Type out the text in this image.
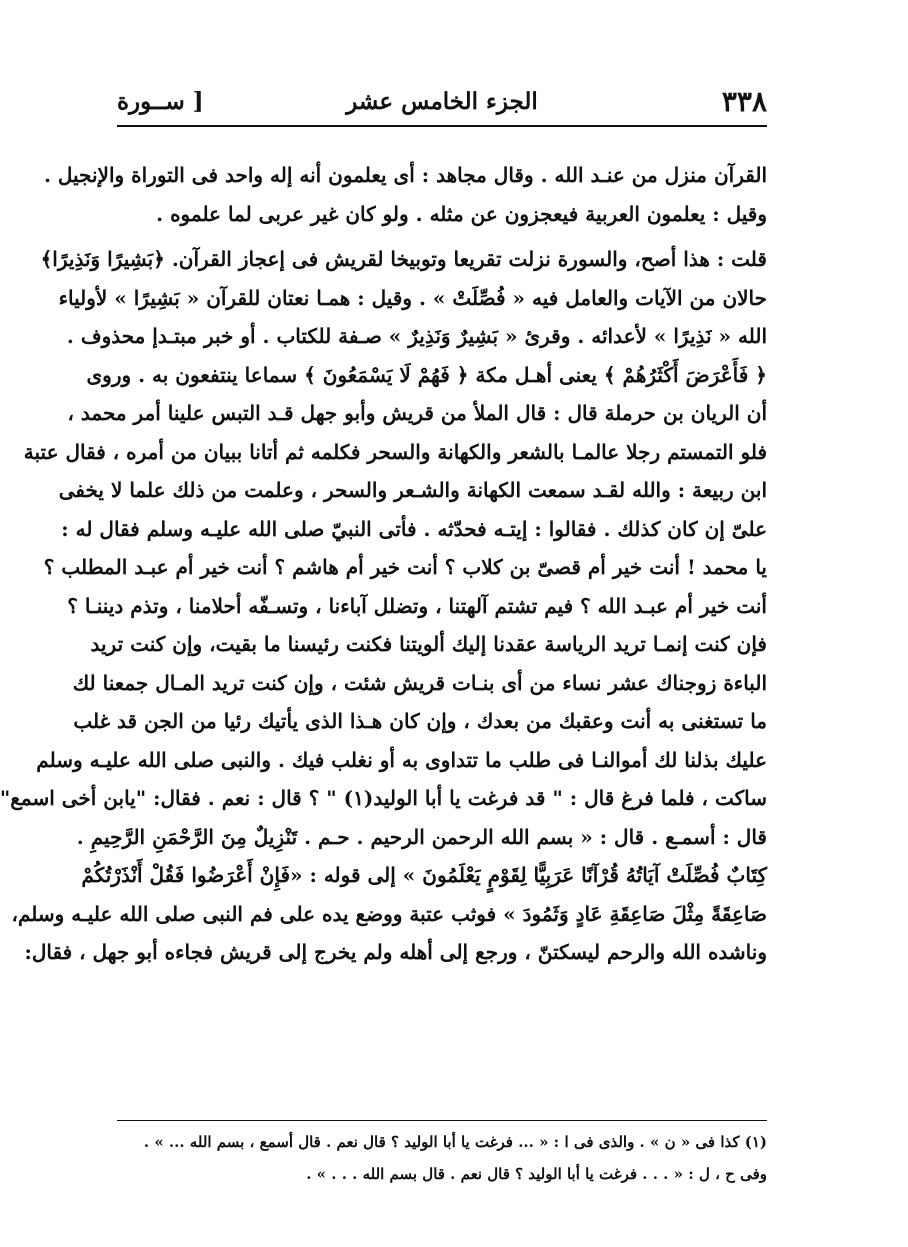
٣٣٨
الجزء الخامس عشر
[ ســورة
القرآن منزل من عنـد الله . وقال مجاهد : أى يعلمون أنه إله واحد فى التوراة والإنجيل .
وقيل : يعلمون العربية فيعجزون عن مثله . ولو كان غير عربى لما علموه .
قلت : هذا أصح، والسورة نزلت تقريعا وتوبيخا لقريش فى إعجاز القرآن. ﴿بَشِيرًا وَنَذِيرًا﴾
حالان من الآيات والعامل فيه « فُصِّلَتْ » . وقيل : همـا نعتان للقرآن « بَشِيرًا » لأولياء
الله « نَذِيرًا » لأعدائه . وقرئ « بَشِيرٌ وَنَذِيرٌ » صـفة للكتاب . أو خبر مبتـدإ محذوف .
﴿ فَأَعْرَضَ أَكْثَرُهُمْ ﴾ يعنى أهـل مكة ﴿ فَهُمْ لَا يَسْمَعُونَ ﴾ سماعا ينتفعون به . وروى
أن الريان بن حرملة قال : قال الملأ من قريش وأبو جهل قـد التبس علينا أمر محمد ،
فلو التمستم رجلا عالمـا بالشعر والكهانة والسحر فكلمه ثم أتانا ببيان من أمره ، فقال عتبة
ابن ربيعة : والله لقـد سمعت الكهانة والشـعر والسحر ، وعلمت من ذلك علما لا يخفى
علىّ إن كان كذلك . فقالوا : إيتـه فحدّثه . فأتى النبيّ صلى الله عليـه وسلم فقال له :
يا محمد ! أنت خير أم قصىّ بن كلاب ؟ أنت خير أم هاشم ؟ أنت خير أم عبـد المطلب ؟
أنت خير أم عبـد الله ؟ فيم تشتم آلهتنا ، وتضلل آباءنا ، وتسـفّه أحلامنا ، وتذم ديننـا ؟
فإن كنت إنمـا تريد الرياسة عقدنا إليك ألويتنا فكنت رئيسنا ما بقيت، وإن كنت تريد
الباءة زوجناك عشر نساء من أى بنـات قريش شئت ، وإن كنت تريد المـال جمعنا لك
ما تستغنى به أنت وعقبك من بعدك ، وإن كان هـذا الذى يأتيك رئيا من الجن قد غلب
عليك بذلنا لك أموالنـا فى طلب ما تتداوى به أو نغلب فيك . والنبى صلى الله عليـه وسلم
ساكت ، فلما فرغ قال : " قد فرغت يا أبا الوليد(١) " ؟ قال : نعم . فقال: "يابن أخى اسمع"
قال : أسمـع . قال : « بسم الله الرحمن الرحيم . حـم . تَنْزِيلٌ مِنَ الرَّحْمَنِ الرَّحِيمِ .
كِتَابٌ فُصِّلَتْ آيَاتُهُ قُرْآنًا عَرَبِيًّا لِقَوْمٍ يَعْلَمُونَ » إلى قوله : «فَإِنْ أَعْرَضُوا فَقُلْ أَنْذَرْتُكُمْ
صَاعِقَةً مِثْلَ صَاعِقَةِ عَادٍ وَثَمُودَ » فوثب عتبة ووضع يده على فم النبى صلى الله عليـه وسلم،
وناشده الله والرحم ليسكتنّ ، ورجع إلى أهله ولم يخرج إلى قريش فجاءه أبو جهل ، فقال:
(١) كذا فى « ن » . والذى فى ا : « ... فرغت يا أبا الوليد ؟ قال نعم . قال أسمع ، بسم الله ... » .
وفى ح ، ل : « . . . فرغت يا أبا الوليد ؟ قال نعم . قال بسم الله . . . » .
